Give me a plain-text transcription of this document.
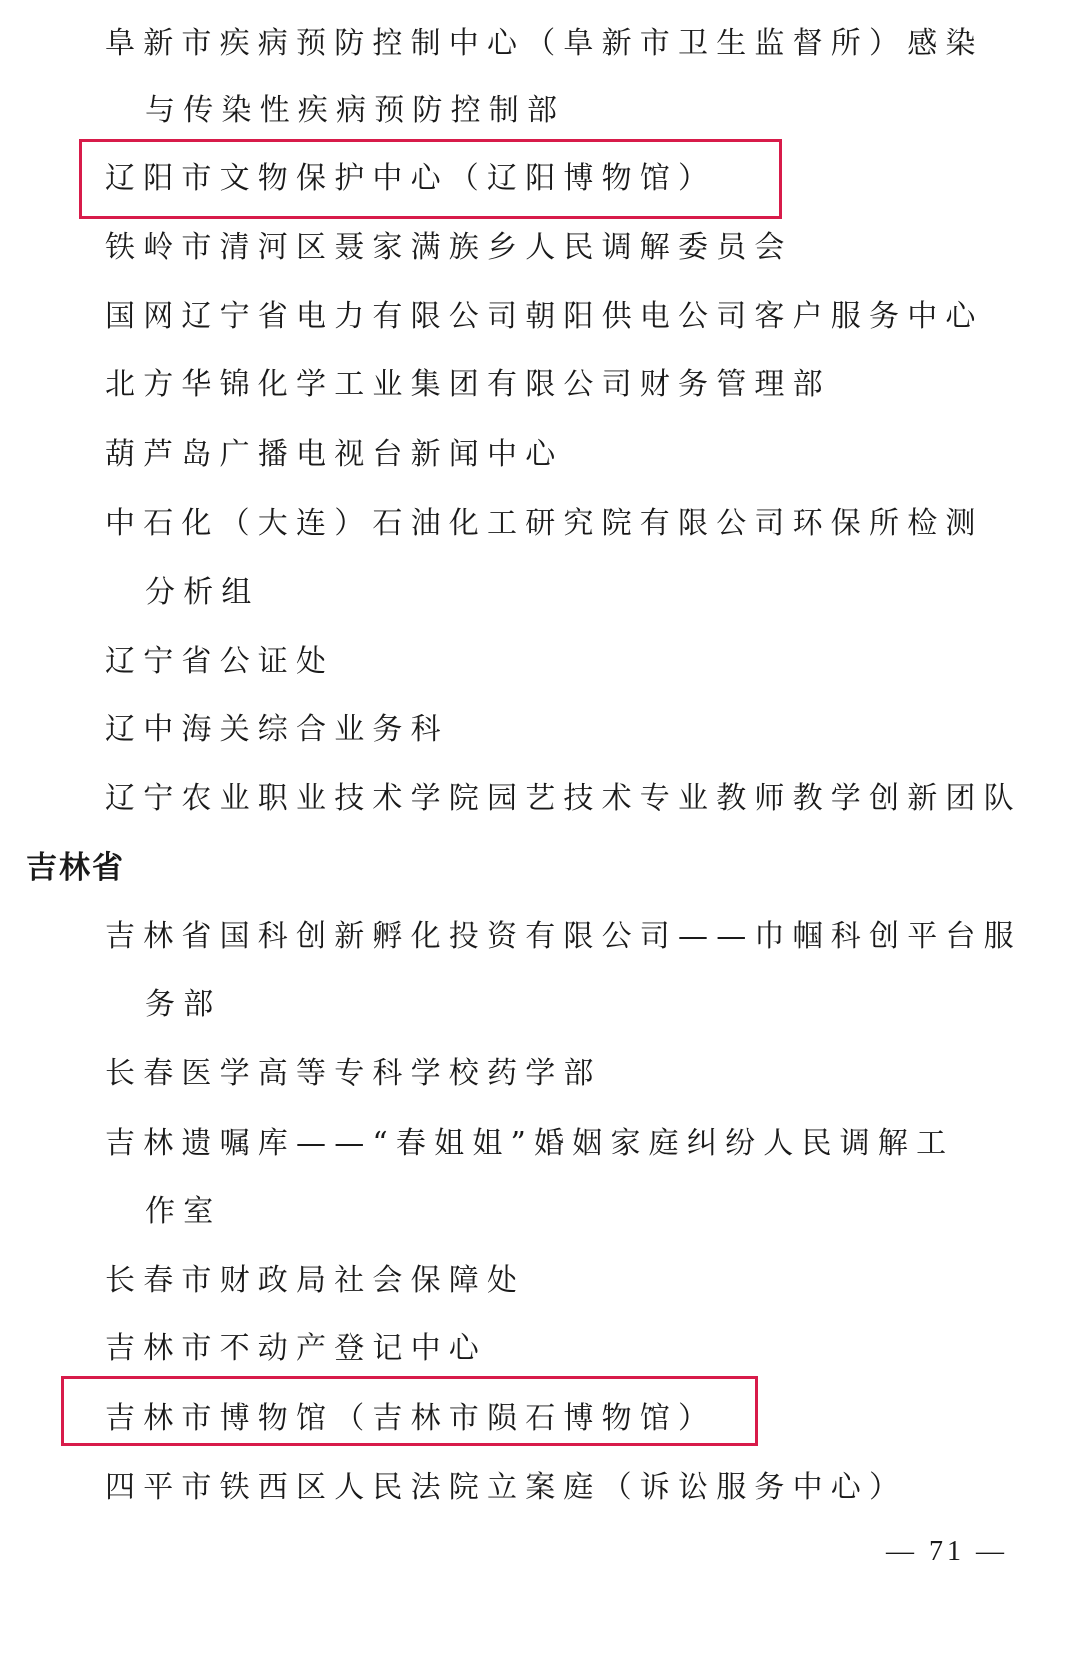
阜新市疾病预防控制中心（阜新市卫生监督所）感染
与传染性疾病预防控制部
辽阳市文物保护中心（辽阳博物馆）
铁岭市清河区聂家满族乡人民调解委员会
国网辽宁省电力有限公司朝阳供电公司客户服务中心
北方华锦化学工业集团有限公司财务管理部
葫芦岛广播电视台新闻中心
中石化（大连）石油化工研究院有限公司环保所检测
分析组
辽宁省公证处
辽中海关综合业务科
辽宁农业职业技术学院园艺技术专业教师教学创新团队
吉林省
吉林省国科创新孵化投资有限公司——巾帼科创平台服
务部
长春医学高等专科学校药学部
吉林遗嘱库——“春姐姐”婚姻家庭纠纷人民调解工
作室
长春市财政局社会保障处
吉林市不动产登记中心
吉林市博物馆（吉林市陨石博物馆）
四平市铁西区人民法院立案庭（诉讼服务中心）
— 71 —
